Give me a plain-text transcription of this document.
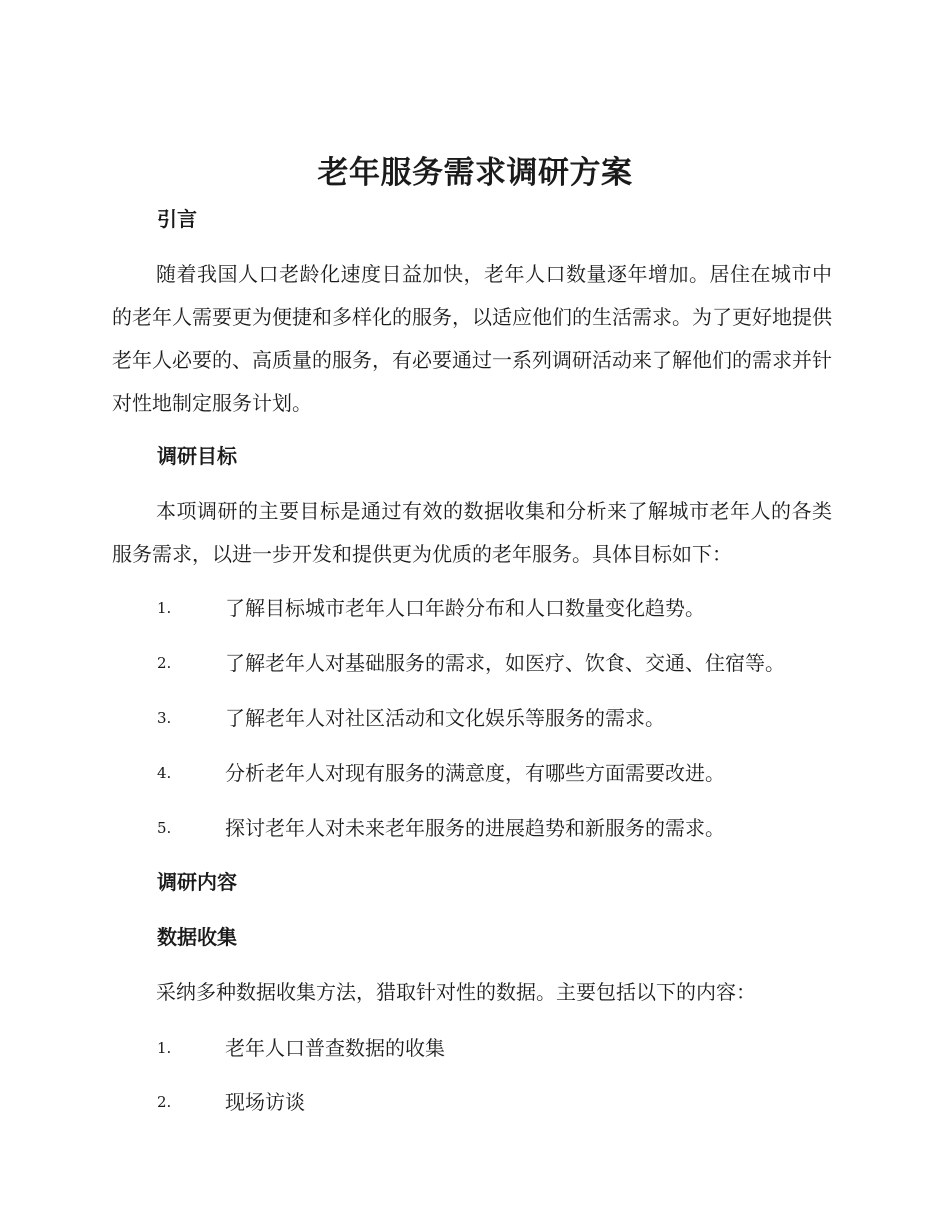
老年服务需求调研方案
引言

随着我国人口老龄化速度日益加快，老年人口数量逐年增加。居住在城市中的老年人需要更为便捷和多样化的服务，以适应他们的生活需求。为了更好地提供老年人必要的、高质量的服务，有必要通过一系列调研活动来了解他们的需求并针对性地制定服务计划。

调研目标

本项调研的主要目标是通过有效的数据收集和分析来了解城市老年人的各类服务需求，以进一步开发和提供更为优质的老年服务。具体目标如下：

1.	了解目标城市老年人口年龄分布和人口数量变化趋势。
2.	了解老年人对基础服务的需求，如医疗、饮食、交通、住宿等。
3.	了解老年人对社区活动和文化娱乐等服务的需求。
4.	分析老年人对现有服务的满意度，有哪些方面需要改进。
5.	探讨老年人对未来老年服务的进展趋势和新服务的需求。
调研内容
数据收集

采纳多种数据收集方法，猎取针对性的数据。主要包括以下的内容：

1.	老年人口普查数据的收集
2.	现场访谈
